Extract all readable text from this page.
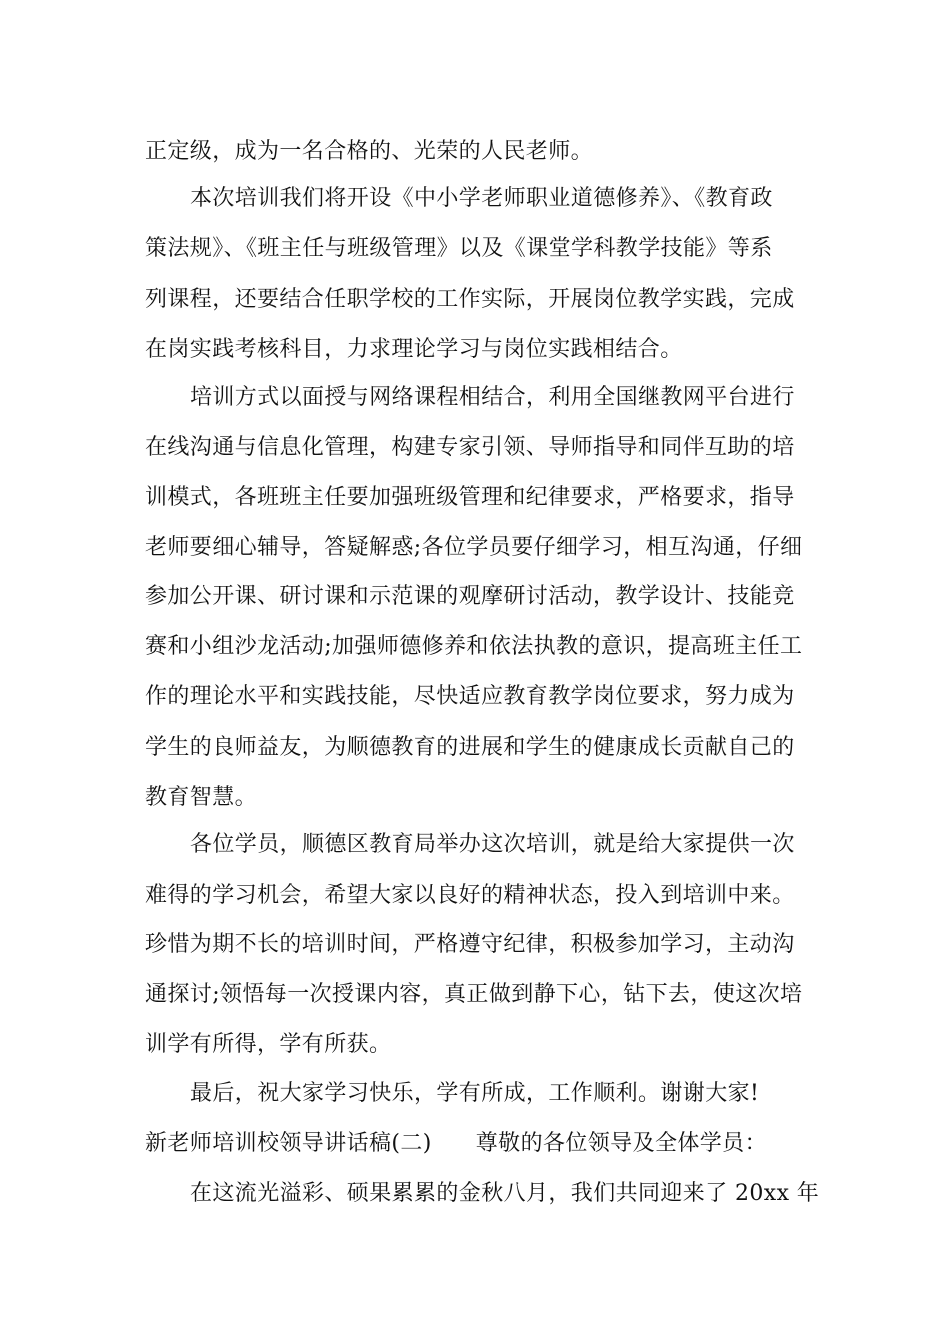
正定级，成为一名合格的、光荣的人民老师。
本次培训我们将开设《中小学老师职业道德修养》、《教育政
策法规》、《班主任与班级管理》以及《课堂学科教学技能》等系
列课程，还要结合任职学校的工作实际，开展岗位教学实践，完成
在岗实践考核科目，力求理论学习与岗位实践相结合。
培训方式以面授与网络课程相结合，利用全国继教网平台进行
在线沟通与信息化管理，构建专家引领、导师指导和同伴互助的培
训模式，各班班主任要加强班级管理和纪律要求，严格要求，指导
老师要细心辅导，答疑解惑;各位学员要仔细学习，相互沟通，仔细
参加公开课、研讨课和示范课的观摩研讨活动，教学设计、技能竞
赛和小组沙龙活动;加强师德修养和依法执教的意识，提高班主任工
作的理论水平和实践技能，尽快适应教育教学岗位要求，努力成为
学生的良师益友，为顺德教育的进展和学生的健康成长贡献自己的
教育智慧。
各位学员，顺德区教育局举办这次培训，就是给大家提供一次
难得的学习机会，希望大家以良好的精神状态，投入到培训中来。
珍惜为期不长的培训时间，严格遵守纪律，积极参加学习，主动沟
通探讨;领悟每一次授课内容，真正做到静下心，钻下去，使这次培
训学有所得，学有所获。
最后，祝大家学习快乐，学有所成，工作顺利。谢谢大家!
新老师培训校领导讲话稿(二) 尊敬的各位领导及全体学员：
在这流光溢彩、硕果累累的金秋八月，我们共同迎来了 20xx 年
